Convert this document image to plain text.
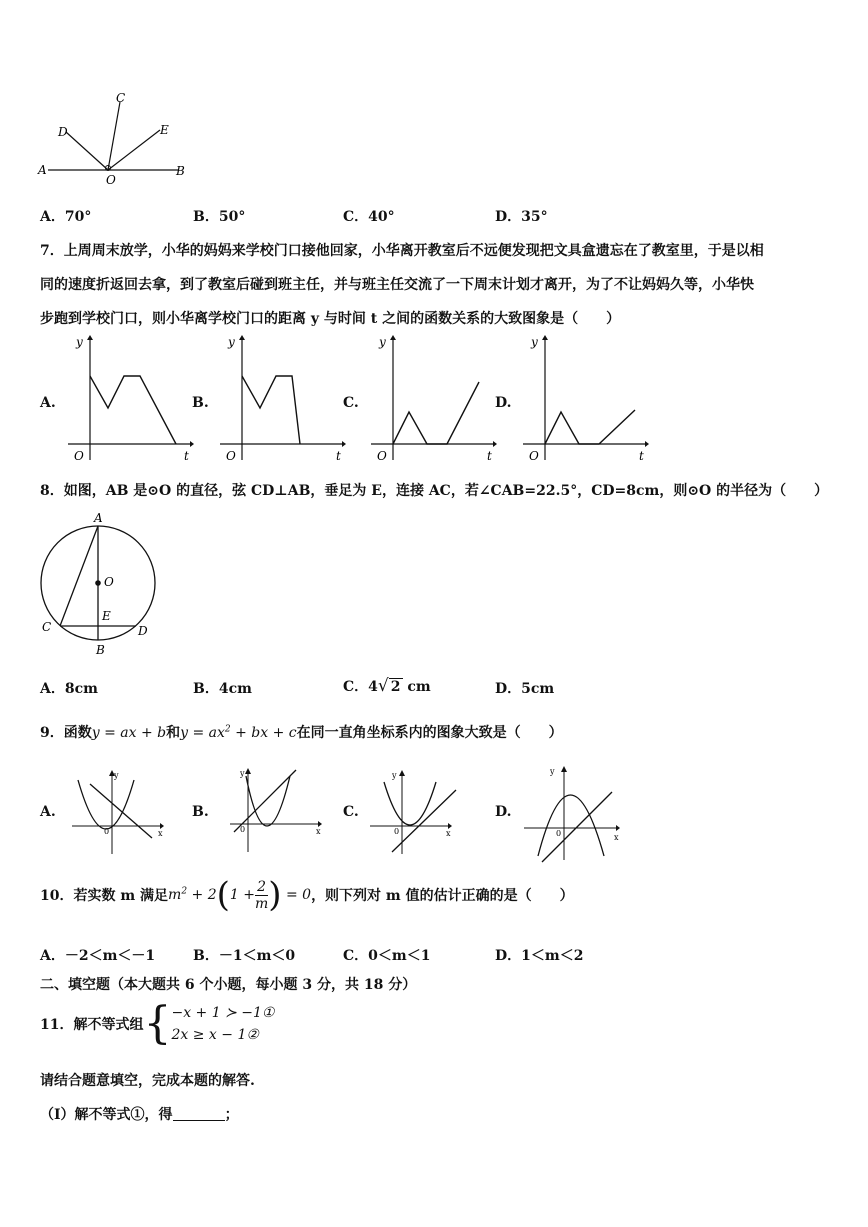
A	B
C
D	E
O
A．70°	B．50°	C．40°	D．35°
7．上周周末放学，小华的妈妈来学校门口接他回家，小华离开教室后不远便发现把文具盒遗忘在了教室里，于是以相
同的速度折返回去拿，到了教室后碰到班主任，并与班主任交流了一下周末计划才离开，为了不让妈妈久等，小华快
步跑到学校门口，则小华离学校门口的距离 y 与时间 t 之间的函数关系的大致图象是（　　）
A.
y
t
O
B.
y
t
O
C.
y
t
O
D.
y
t
O
8．如图，AB 是⊙O 的直径，弦 CD⊥AB，垂足为 E，连接 AC，若∠CAB=22.5°，CD=8cm，则⊙O 的半径为（　　）
A
B
C	D
E
O
A．8cm	B．4cm	C．4√ 2 cm	D．5cm
9．函数y = ax + b和$y = ax^2$ + bx + c在同一直角坐标系内的图象大致是（　　）
A.
y
x
0
B.
y
x
0
C.
y
x
0
D.
y
x
0
10．若实数 m 满足$m^2 + 2(1 + \frac{2}{m}$ ) = 0，则下列对 m 值的估计正确的是（　　）
A．－2＜m＜－1	B．－1＜m＜0	C．0＜m＜1	D．1＜m＜2
二、填空题（本大题共 6 个小题，每小题 3 分，共 18 分）
11．解不等式组{ −x + 1 ≻ −1①
2x ≥ x − 1②
请结合题意填空，完成本题的解答.
（Ⅰ）解不等式①，得	；
